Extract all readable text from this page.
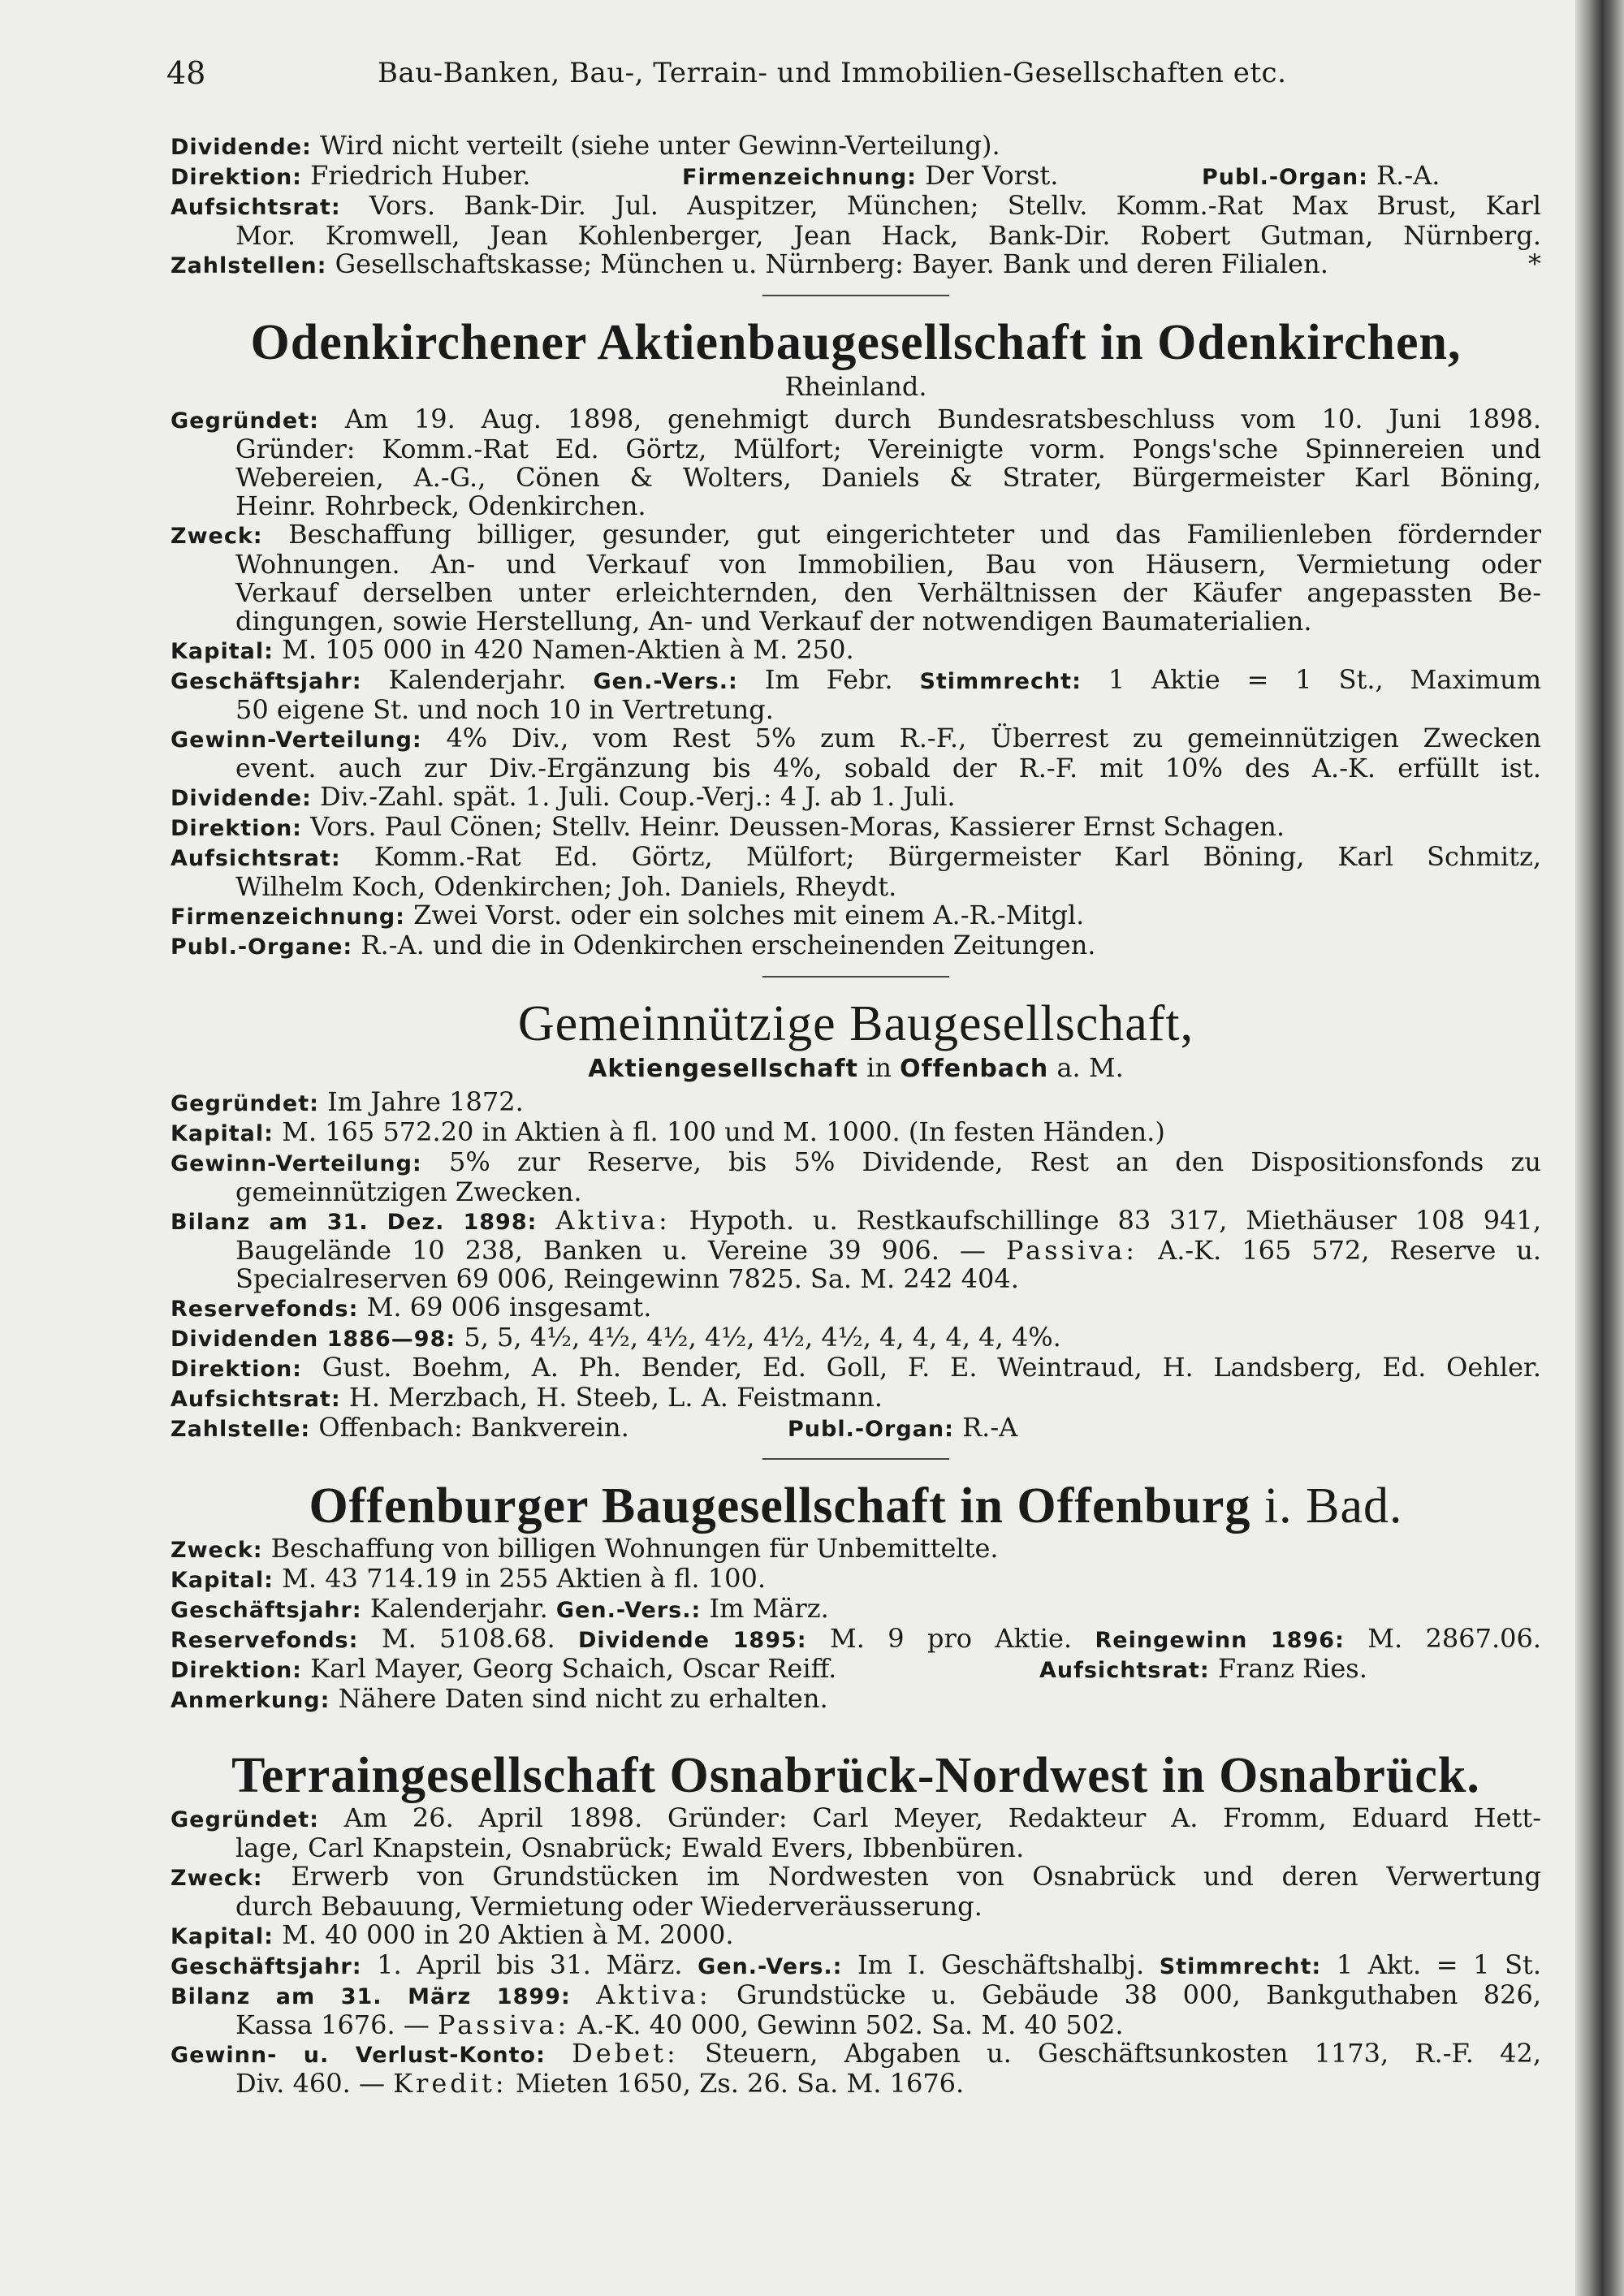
48	Bau-Banken, Bau-, Terrain- und Immobilien-Gesellschaften etc.
Dividende: Wird nicht verteilt (siehe unter Gewinn-Verteilung).
Direktion: Friedrich Huber.	Firmenzeichnung: Der Vorst.	Publ.-Organ: R.-A.
Aufsichtsrat: Vors. Bank-Dir. Jul. Auspitzer, München; Stellv. Komm.-Rat Max Brust, Karl
Mor. Kromwell, Jean Kohlenberger, Jean Hack, Bank-Dir. Robert Gutman, Nürnberg.
Zahlstellen: Gesellschaftskasse; München u. Nürnberg: Bayer. Bank und deren Filialen.	*
Odenkirchener Aktienbaugesellschaft in Odenkirchen,
Rheinland.
Gegründet: Am 19. Aug. 1898, genehmigt durch Bundesratsbeschluss vom 10. Juni 1898.
Gründer: Komm.-Rat Ed. Görtz, Mülfort; Vereinigte vorm. Pongs'sche Spinnereien und
Webereien, A.-G., Cönen & Wolters, Daniels & Strater, Bürgermeister Karl Böning,
Heinr. Rohrbeck, Odenkirchen.
Zweck: Beschaffung billiger, gesunder, gut eingerichteter und das Familienleben fördernder
Wohnungen. An- und Verkauf von Immobilien, Bau von Häusern, Vermietung oder
Verkauf derselben unter erleichternden, den Verhältnissen der Käufer angepassten Be-
dingungen, sowie Herstellung, An- und Verkauf der notwendigen Baumaterialien.
Kapital: M. 105 000 in 420 Namen-Aktien à M. 250.
Geschäftsjahr: Kalenderjahr. Gen.-Vers.: Im Febr. Stimmrecht: 1 Aktie = 1 St., Maximum
50 eigene St. und noch 10 in Vertretung.
Gewinn-Verteilung: 4% Div., vom Rest 5% zum R.-F., Überrest zu gemeinnützigen Zwecken
event. auch zur Div.-Ergänzung bis 4%, sobald der R.-F. mit 10% des A.-K. erfüllt ist.
Dividende: Div.-Zahl. spät. 1. Juli. Coup.-Verj.: 4 J. ab 1. Juli.
Direktion: Vors. Paul Cönen; Stellv. Heinr. Deussen-Moras, Kassierer Ernst Schagen.
Aufsichtsrat: Komm.-Rat Ed. Görtz, Mülfort; Bürgermeister Karl Böning, Karl Schmitz,
Wilhelm Koch, Odenkirchen; Joh. Daniels, Rheydt.
Firmenzeichnung: Zwei Vorst. oder ein solches mit einem A.-R.-Mitgl.
Publ.-Organe: R.-A. und die in Odenkirchen erscheinenden Zeitungen.
Gemeinnützige Baugesellschaft,
Aktiengesellschaft in Offenbach a. M.
Gegründet: Im Jahre 1872.
Kapital: M. 165 572.20 in Aktien à fl. 100 und M. 1000. (In festen Händen.)
Gewinn-Verteilung: 5% zur Reserve, bis 5% Dividende, Rest an den Dispositionsfonds zu
gemeinnützigen Zwecken.
Bilanz am 31. Dez. 1898: Aktiva: Hypoth. u. Restkaufschillinge 83 317, Miethäuser 108 941,
Baugelände 10 238, Banken u. Vereine 39 906. — Passiva: A.-K. 165 572, Reserve u.
Specialreserven 69 006, Reingewinn 7825. Sa. M. 242 404.
Reservefonds: M. 69 006 insgesamt.
Dividenden 1886—98: 5, 5, 4½, 4½, 4½, 4½, 4½, 4½, 4, 4, 4, 4, 4%.
Direktion: Gust. Boehm, A. Ph. Bender, Ed. Goll, F. E. Weintraud, H. Landsberg, Ed. Oehler.
Aufsichtsrat: H. Merzbach, H. Steeb, L. A. Feistmann.
Zahlstelle: Offenbach: Bankverein.	Publ.-Organ: R.-A
Offenburger Baugesellschaft in Offenburg i. Bad.
Zweck: Beschaffung von billigen Wohnungen für Unbemittelte.
Kapital: M. 43 714.19 in 255 Aktien à fl. 100.
Geschäftsjahr: Kalenderjahr. Gen.-Vers.: Im März.
Reservefonds: M. 5108.68. Dividende 1895: M. 9 pro Aktie. Reingewinn 1896: M. 2867.06.
Direktion: Karl Mayer, Georg Schaich, Oscar Reiff.	Aufsichtsrat: Franz Ries.
Anmerkung: Nähere Daten sind nicht zu erhalten.
Terraingesellschaft Osnabrück-Nordwest in Osnabrück.
Gegründet: Am 26. April 1898. Gründer: Carl Meyer, Redakteur A. Fromm, Eduard Hett-
lage, Carl Knapstein, Osnabrück; Ewald Evers, Ibbenbüren.
Zweck: Erwerb von Grundstücken im Nordwesten von Osnabrück und deren Verwertung
durch Bebauung, Vermietung oder Wiederveräusserung.
Kapital: M. 40 000 in 20 Aktien à M. 2000.
Geschäftsjahr: 1. April bis 31. März. Gen.-Vers.: Im I. Geschäftshalbj. Stimmrecht: 1 Akt. = 1 St.
Bilanz am 31. März 1899: Aktiva: Grundstücke u. Gebäude 38 000, Bankguthaben 826,
Kassa 1676. — Passiva: A.-K. 40 000, Gewinn 502. Sa. M. 40 502.
Gewinn- u. Verlust-Konto: Debet: Steuern, Abgaben u. Geschäftsunkosten 1173, R.-F. 42,
Div. 460. — Kredit: Mieten 1650, Zs. 26. Sa. M. 1676.
